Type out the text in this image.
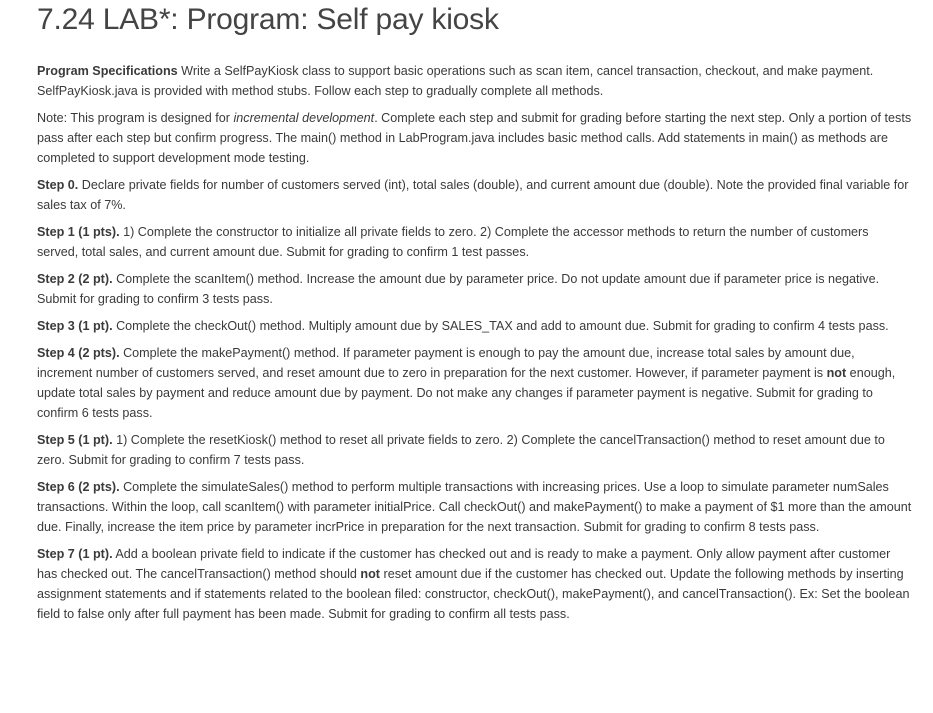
7.24 LAB*: Program: Self pay kiosk

Program Specifications Write a SelfPayKiosk class to support basic operations such as scan item, cancel transaction, checkout, and make payment. SelfPayKiosk.java is provided with method stubs. Follow each step to gradually complete all methods.

Note: This program is designed for incremental development. Complete each step and submit for grading before starting the next step. Only a portion of tests pass after each step but confirm progress. The main() method in LabProgram.java includes basic method calls. Add statements in main() as methods are completed to support development mode testing.

Step 0. Declare private fields for number of customers served (int), total sales (double), and current amount due (double). Note the provided final variable for sales tax of 7%.

Step 1 (1 pts). 1) Complete the constructor to initialize all private fields to zero. 2) Complete the accessor methods to return the number of customers served, total sales, and current amount due. Submit for grading to confirm 1 test passes.

Step 2 (2 pt). Complete the scanItem() method. Increase the amount due by parameter price. Do not update amount due if parameter price is negative. Submit for grading to confirm 3 tests pass.

Step 3 (1 pt). Complete the checkOut() method. Multiply amount due by SALES_TAX and add to amount due. Submit for grading to confirm 4 tests pass.

Step 4 (2 pts). Complete the makePayment() method. If parameter payment is enough to pay the amount due, increase total sales by amount due, increment number of customers served, and reset amount due to zero in preparation for the next customer. However, if parameter payment is not enough, update total sales by payment and reduce amount due by payment. Do not make any changes if parameter payment is negative. Submit for grading to confirm 6 tests pass.

Step 5 (1 pt). 1) Complete the resetKiosk() method to reset all private fields to zero. 2) Complete the cancelTransaction() method to reset amount due to zero. Submit for grading to confirm 7 tests pass.

Step 6 (2 pts). Complete the simulateSales() method to perform multiple transactions with increasing prices. Use a loop to simulate parameter numSales transactions. Within the loop, call scanItem() with parameter initialPrice. Call checkOut() and makePayment() to make a payment of $1 more than the amount due. Finally, increase the item price by parameter incrPrice in preparation for the next transaction. Submit for grading to confirm 8 tests pass.

Step 7 (1 pt). Add a boolean private field to indicate if the customer has checked out and is ready to make a payment. Only allow payment after customer has checked out. The cancelTransaction() method should not reset amount due if the customer has checked out. Update the following methods by inserting assignment statements and if statements related to the boolean filed: constructor, checkOut(), makePayment(), and cancelTransaction(). Ex: Set the boolean field to false only after full payment has been made. Submit for grading to confirm all tests pass.
